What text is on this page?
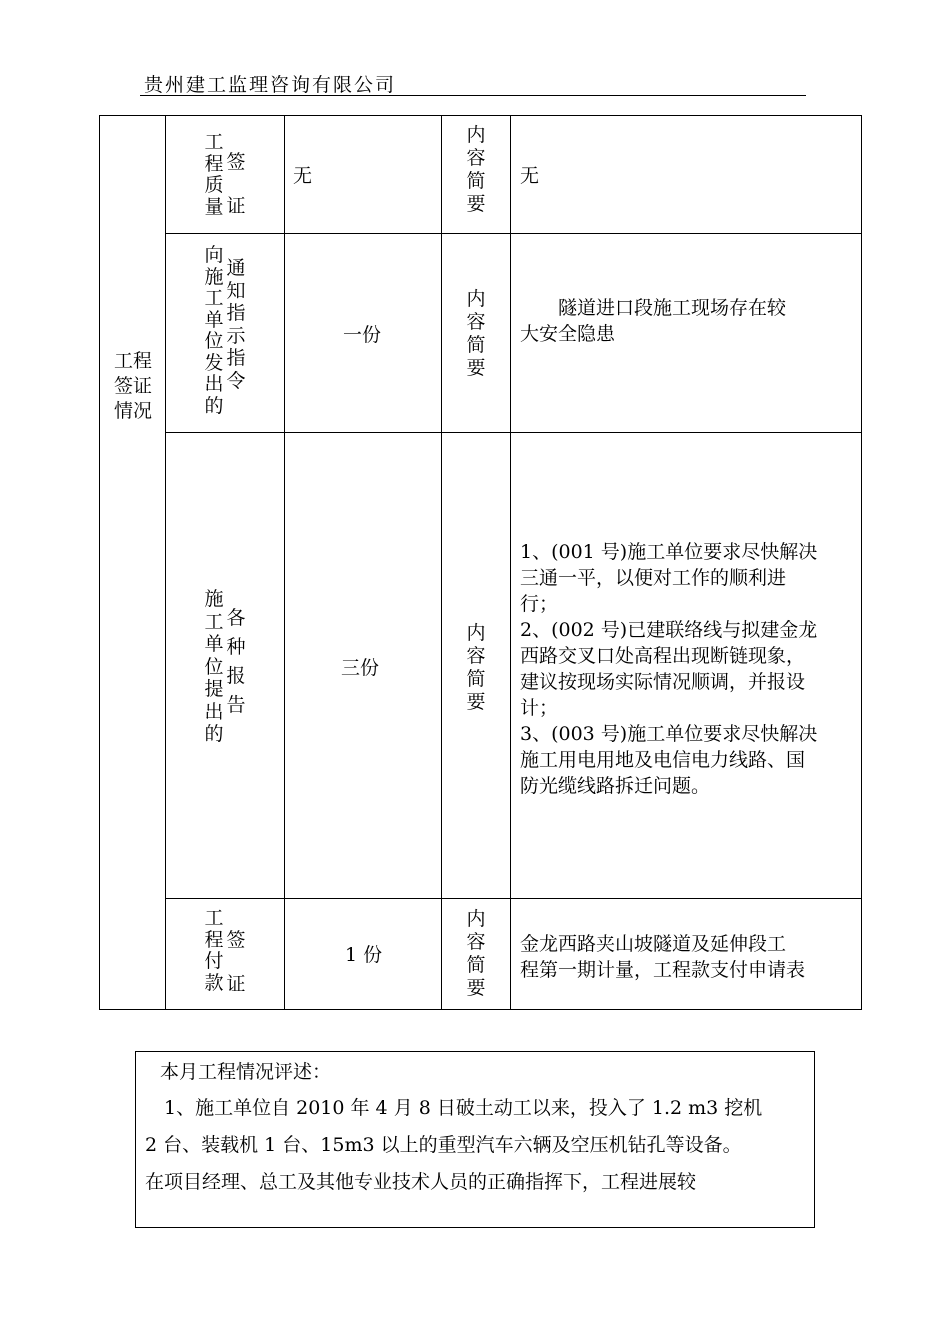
贵州建工监理咨询有限公司
工程签证情况
工程质量
签证
无
内容简要
无
向施工单位发出的
通知指示指令
一份
内容简要
　　隧道进口段施工现场存在较
大安全隐患
施工单位提出的
各种报告
三份
内容简要
1、(001 号)施工单位要求尽快解决
三通一平，以便对工作的顺利进
行；
2、(002 号)已建联络线与拟建金龙
西路交叉口处高程出现断链现象，
建议按现场实际情况顺调，并报设
计；
3、(003 号)施工单位要求尽快解决
施工用电用地及电信电力线路、国
防光缆线路拆迁问题。
工程付款
签证
1 份
内容简要
金龙西路夹山坡隧道及延伸段工
程第一期计量，工程款支付申请表
本月工程情况评述：
　1、施工单位自 2010 年 4 月 8 日破土动工以来，投入了 1.2 m3 挖机
2 台、装载机 1 台、15m3 以上的重型汽车六辆及空压机钻孔等设备。
在项目经理、总工及其他专业技术人员的正确指挥下，工程进展较
